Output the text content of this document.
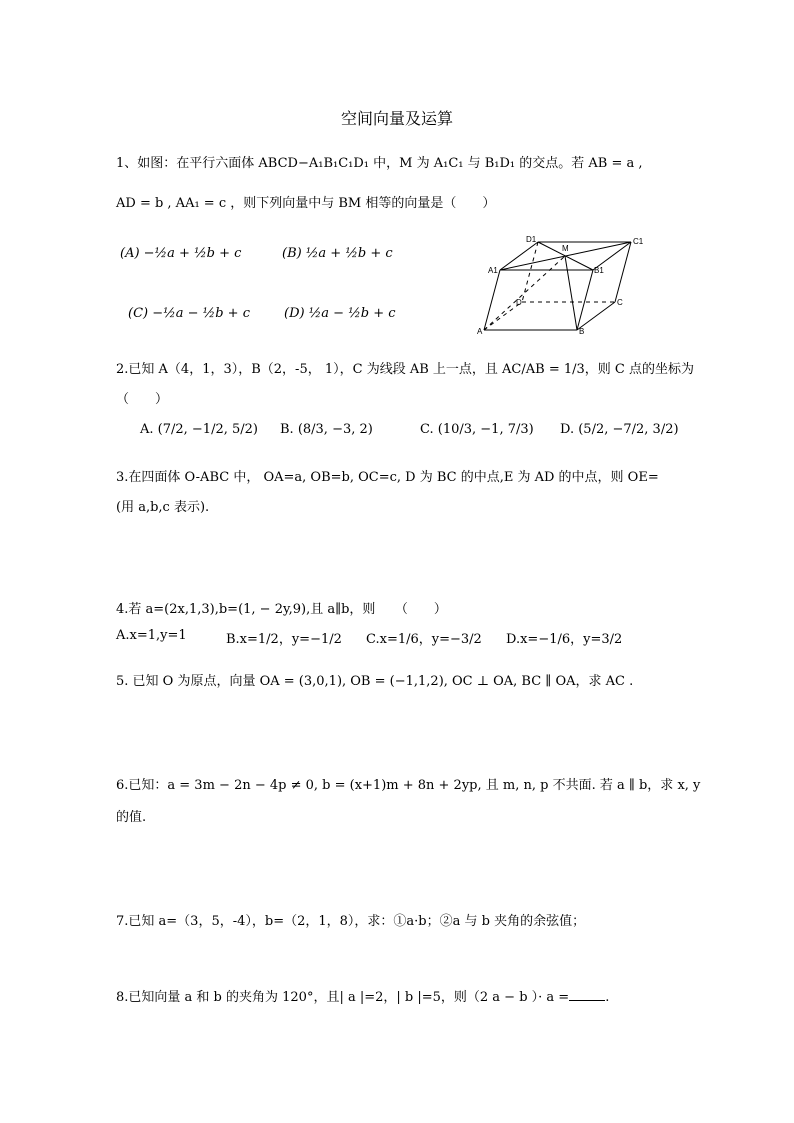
空间向量及运算
1、如图：在平行六面体 ABCD−A₁B₁C₁D₁ 中，M 为 A₁C₁ 与 B₁D₁ 的交点。若 AB = a ,
AD = b , AA₁ = c ，则下列向量中与 BM 相等的向量是（　　）
(A) −½a + ½b + c	(B) ½a + ½b + c
(C) −½a − ½b + c	(D) ½a − ½b + c
D1
M
C1
A1	B1
D	C
A	B
2.已知 A（4，1，3），B（2，-5， 1），C 为线段 AB 上一点，且 AC/AB = 1/3，则 C 点的坐标为
（　　）
A. (7/2, −1/2, 5/2) B. (8/3, −3, 2)	C. (10/3, −1, 7/3) D. (5/2, −7/2, 3/2)
3.在四面体 O-ABC 中， OA=a, OB=b, OC=c, D 为 BC 的中点,E 为 AD 的中点，则 OE=
(用 a,b,c 表示).
4.若 a=(2x,1,3),b=(1, − 2y,9),且 a∥b，则　　（　　）
A.x=1,y=1	B.x=1/2，y=−1/2 C.x=1/6，y=−3/2 D.x=−1/6，y=3/2
5. 已知 O 为原点，向量 OA = (3,0,1), OB = (−1,1,2), OC ⊥ OA, BC ∥ OA，求 AC .
6.已知：a = 3m − 2n − 4p ≠ 0, b = (x+1)m + 8n + 2yp, 且 m, n, p 不共面. 若 a ∥ b，求 x, y
的值.
7.已知 a=（3，5，-4），b=（2，1，8），求：①a·b；②a 与 b 夹角的余弦值；
8.已知向量 a 和 b 的夹角为 120°，且| a |=2，| b |=5，则（2 a − b ）· a =	.
